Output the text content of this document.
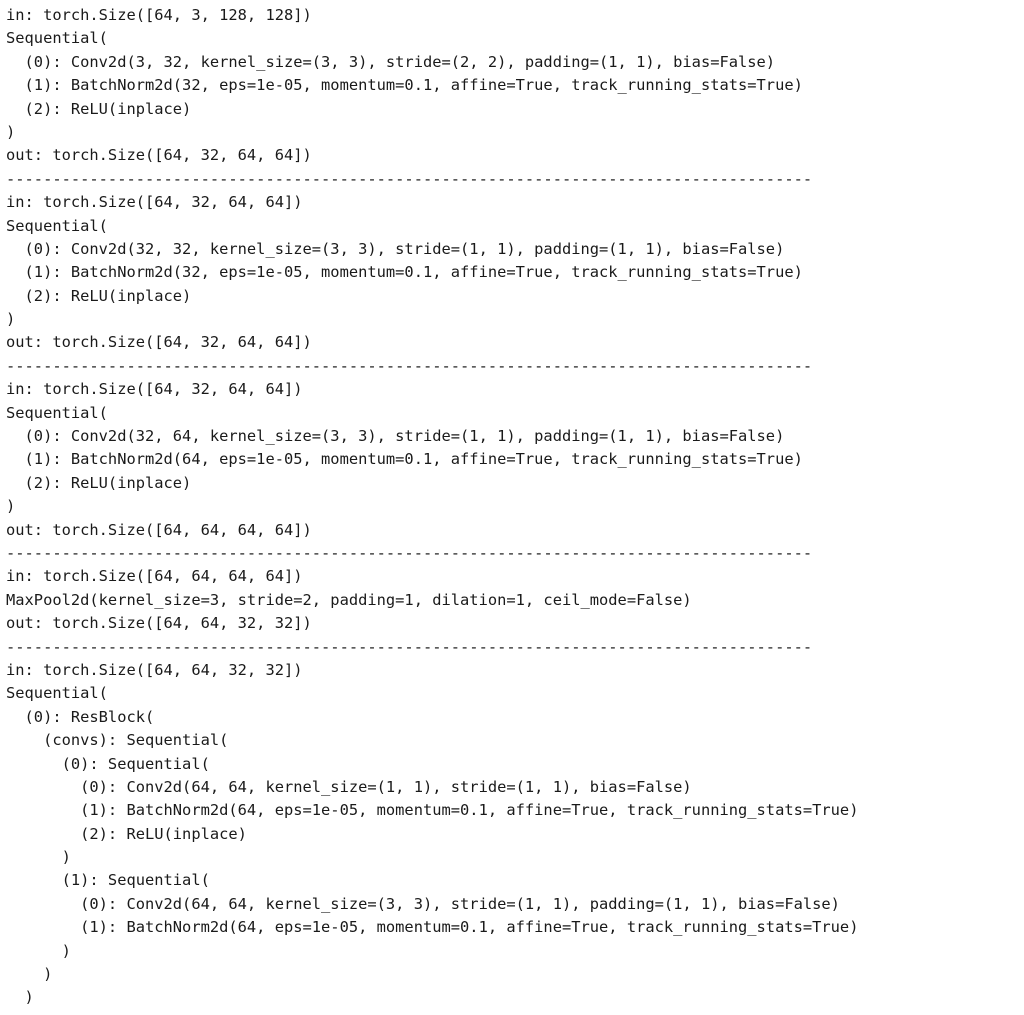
in: torch.Size([64, 3, 128, 128])
Sequential(
(0): Conv2d(3, 32, kernel_size=(3, 3), stride=(2, 2), padding=(1, 1), bias=False)
(1): BatchNorm2d(32, eps=1e-05, momentum=0.1, affine=True, track_running_stats=True)
(2): ReLU(inplace)
)
out: torch.Size([64, 32, 64, 64])
---------------------------------------------------------------------------------------
in: torch.Size([64, 32, 64, 64])
Sequential(
(0): Conv2d(32, 32, kernel_size=(3, 3), stride=(1, 1), padding=(1, 1), bias=False)
(1): BatchNorm2d(32, eps=1e-05, momentum=0.1, affine=True, track_running_stats=True)
(2): ReLU(inplace)
)
out: torch.Size([64, 32, 64, 64])
---------------------------------------------------------------------------------------
in: torch.Size([64, 32, 64, 64])
Sequential(
(0): Conv2d(32, 64, kernel_size=(3, 3), stride=(1, 1), padding=(1, 1), bias=False)
(1): BatchNorm2d(64, eps=1e-05, momentum=0.1, affine=True, track_running_stats=True)
(2): ReLU(inplace)
)
out: torch.Size([64, 64, 64, 64])
---------------------------------------------------------------------------------------
in: torch.Size([64, 64, 64, 64])
MaxPool2d(kernel_size=3, stride=2, padding=1, dilation=1, ceil_mode=False)
out: torch.Size([64, 64, 32, 32])
---------------------------------------------------------------------------------------
in: torch.Size([64, 64, 32, 32])
Sequential(
(0): ResBlock(
(convs): Sequential(
(0): Sequential(
(0): Conv2d(64, 64, kernel_size=(1, 1), stride=(1, 1), bias=False)
(1): BatchNorm2d(64, eps=1e-05, momentum=0.1, affine=True, track_running_stats=True)
(2): ReLU(inplace)
)
(1): Sequential(
(0): Conv2d(64, 64, kernel_size=(3, 3), stride=(1, 1), padding=(1, 1), bias=False)
(1): BatchNorm2d(64, eps=1e-05, momentum=0.1, affine=True, track_running_stats=True)
)
)
)
